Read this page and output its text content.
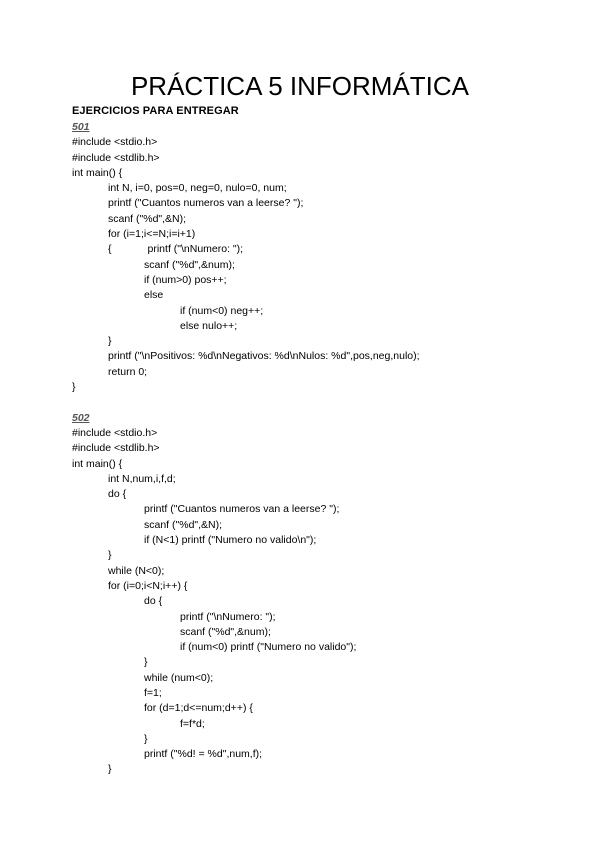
PRÁCTICA 5 INFORMÁTICA
EJERCICIOS PARA ENTREGAR
501
#include <stdio.h>
#include <stdlib.h>
int main() {
int N, i=0, pos=0, neg=0, nulo=0, num;
printf ("Cuantos numeros van a leerse? ");
scanf ("%d",&N);
for (i=1;i<=N;i=i+1)
{	printf ("\nNumero: ");
scanf ("%d",&num);
if (num>0) pos++;
else
if (num<0) neg++;
else nulo++;
}
printf ("\nPositivos: %d\nNegativos: %d\nNulos: %d",pos,neg,nulo);
return 0;
}
502
#include <stdio.h>
#include <stdlib.h>
int main() {
int N,num,i,f,d;
do {
printf ("Cuantos numeros van a leerse? ");
scanf ("%d",&N);
if (N<1) printf ("Numero no valido\n");
}
while (N<0);
for (i=0;i<N;i++) {
do {
printf ("\nNumero: ");
scanf ("%d",&num);
if (num<0) printf ("Numero no valido");
}
while (num<0);
f=1;
for (d=1;d<=num;d++) {
f=f*d;
}
printf ("%d! = %d",num,f);
}
